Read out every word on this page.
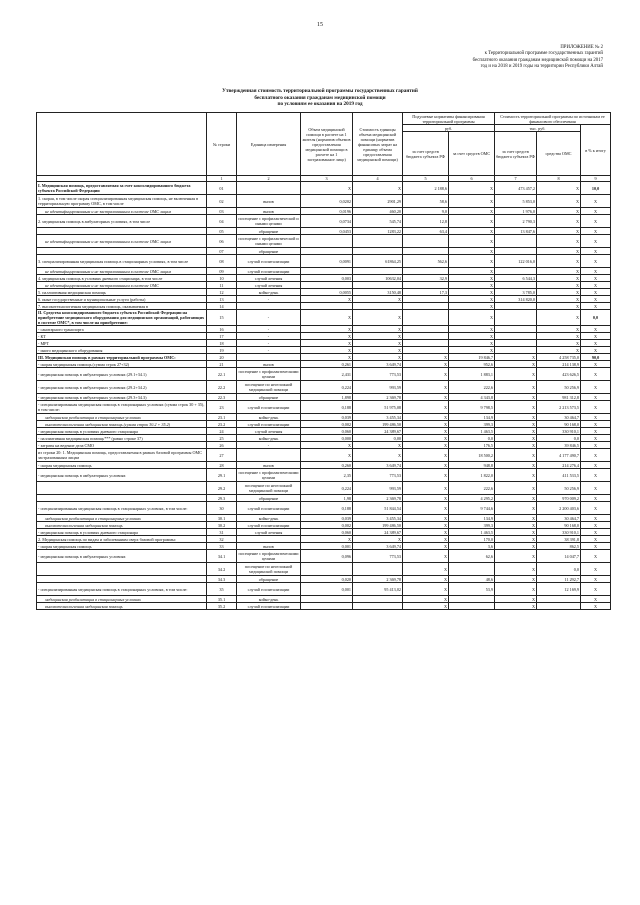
15
ПРИЛОЖЕНИЕ № 2
к Территориальной программе государственных гарантий
бесплатного оказания гражданам медицинской помощи на 2017
год и на 2018 и 2019 годы на территории Республики Алтай
Утвержденная стоимость территориальной программы государственных гарантий
бесплатного оказания гражданам медицинской помощи
по условиям ее оказания на 2019 год
	№ строки	Единица измерения	Объем медицинской помощи в расчете на 1 жителя (норматив объемов предоставления медицинской помощи в расчете на 1 застрахованное лицо)	Стоимость единицы объема медицинской помощи (норматив финансовых затрат на единицу объема предоставления медицинской помощи)	Подушевые нормативы финансирования территориальной программы		Стоимость территориальной программы по источникам ее финансового обеспечения		
					руб.		тыс. руб.		в % к итогу
					за счет средств бюджета субъекта РФ	за счет средств ОМС	за счет средств бюджета субъекта РФ	средства ОМС	
	1	2	3	4	5	6	7	8	9
I. Медицинская помощь, предоставляемая за счет консолидированного бюджета субъекта Российской Федерации	01		X	X	2 188,6	X	473 457,2	X	10,0
1. скорая, в том числе скорая специализированная медицинская помощь, не включенная в территориальную программу ОМС, в том числе	02	вызов	0,0202	2901,29	58,6	X	5 853,0	X	X
не идентифицированным и не застрахованным в системе ОМС лицам	03	вызов	0,0196	460,20	9,0	X	1 976,0	X	X
2. медицинская помощь в амбулаторных условиях, в том числе	04	посещение с профилактической и иными целями	0,0734	545,74	12,8	X	2 790,3	X	X
	05	обращение	0,0453	1283,22	63,4	X	13 847,6	X	X
не идентифицированным и не застрахованным в системе ОМС лицам	06	посещение с профилактической и иными целями				X		X	X
	07	обращение				X		X	X
3. специализированная медицинская помощь в стационарных условиях, в том числе	08	случай госпитализации	0,0091	61864,25	562,6	X	122 016,0	X	X
не идентифицированным и не застрахованным в системе ОМС лицам	09	случай госпитализации				X		X	X
4. медицинская помощь в условиях дневного стационара, в том числе	10	случай лечения	0,003	10632,04	32,9	X	6 544,3	X	X
не идентифицированным и не застрахованным в системе ОМС	11	случай лечения				X		X	X
5. паллиативная медицинская помощь	12	койко-день	0,0055	3150,48	17,3	X	3 785,0	X	X
6. иные государственные и муниципальные услуги (работы)	13	-	X	X		X	314 820,0	X	X
7. высокотехнологичная медицинская помощь, оказываемая в	14					X		X	X
II. Средства консолидированного бюджета субъекта Российской Федерации на приобретение медицинского оборудования для медицинских организаций, работающих в системе ОМС*, в том числе на приобретение:	15	-	X	X		X		X	0,0
- санитарного транспорта	16	-	X	X		X		X	X
- КТ	17	-	X	X		X		X	X
- МРТ	18	-	X	X		X		X	X
- иного медицинского оборудования	19	-	X	X		X		X	X
III. Медицинская помощь в рамках территориальной программы ОМС:	20		X	X	X	19 846,7	X	4 258 735,0	90,0
- скорая медицинская помощь (сумма строк 27+32)	21	вызов	0,261	3 649,74	X	952,6	X	214 138,9	X
- медицинская помощь в амбулаторных условиях (29.1+34.1)	22.1	посещение с профилактическими целями	2,431	773,53	X	1 883,1	X	423 626,5	X
- медицинская помощь в амбулаторных условиях (29.2+34.2)	22.2	посещение по неотложной медицинской помощи	0,224	993,59	X	222,6	X	50 256,9	X
- медицинская помощь в амбулаторных условиях (29.3+34.3)	22.3	обращение	1,898	2 369,78	X	4 343,8	X	981 312,8	X
- специализированная медицинская помощь в стационарных условиях (сумма строк 30 + 35), в том числе:	23	случай госпитализации	0,188	51 975,08	X	9 798,5	X	2 213 573,5	X
медицинская реабилитация в стационарных условиях	23.1	койко-день	0,039	3 455,34	X	134,9	X	30 464,7	X
высокотехнологичная медицинская помощь (сумма строк 30.2 + 35.2)	23.2	случай госпитализации	0,002	199 486,50	X	399,3	X	90 168,0	X
- медицинская помощь в условиях дневного стационара	24	случай лечения	0,060	24 389,67	X	1 463,5	X	330 910,1	X
- паллиативная медицинская помощь*** (равно строке 37)	25	койко-день	0,000	0,00	X	0,0	X	0,0	X
- затраты на ведение дела СМО	26	-	X	X	X	176,5	X	39 846,5	X
из строки 20: 1. Медицинская помощь, предоставляемая в рамках базовой программы ОМС застрахованным лицам	27		X	X	X	18 500,2	X	4 177 490,7	X
- скорая медицинская помощь	28	вызов	0,260	3 649,74	X	948,8	X	214 276,4	X
- медицинская помощь в амбулаторных условиях	29.1	посещение с профилактическими целями	2,35	773,53	X	1 822,0	X	411 533,5	X
	29.2	посещение по неотложной медицинской помощи	0,224	993,59	X	222,6	X	50 256,9	X
	29.3	обращение	1,98	2 369,78	X	4 295,2	X	970 009,2	X
- специализированная медицинская помощь в стационарных условиях, в том числе:	30	случай госпитализации	0,188	51 844,54	X	9 744,6	X	2 200 403,6	X
медицинская реабилитация в стационарных условиях	30.1	койко-день	0,039	3 455,34	X	134,9	X	30 464,7	X
высокотехнологичная медицинская помощь	30.2	случай госпитализации	0,002	199 486,50	X	399,3	X	90 168,0	X
- медицинская помощь в условиях дневного стационара	31	случай лечения	0,060	24 389,67	X	1 463,5	X	330 910,1	X
2. Медицинская помощь по видам и заболеваниям сверх базовой программы:	32		X	X	X	170,0	X	38 391,8	X
- скорая медицинская помощь	33	вызов	0,001	3 649,74	X	3,6	X	862,5	X
- медицинская помощь в амбулаторных условиях	34.1	посещение с профилактическими целями	0,096	773,53	X	62,6	X	14 047,7	X
	34.2	посещение по неотложной медицинской помощи			X		X	0,0	X
	34.3	обращение	0,020	2 369,78	X	48,6	X	11 292,7	X
- специализированная медицинская помощь в стационарных условиях, в том числе:	35	случай госпитализации	0,001	95 413,02	X	53,9	X	12 169,9	X
медицинская реабилитация в стационарных условиях	35.1	койко-день			X		X		X
высокотехнологичная медицинская помощь	35.2	случай госпитализации			X		X		X
